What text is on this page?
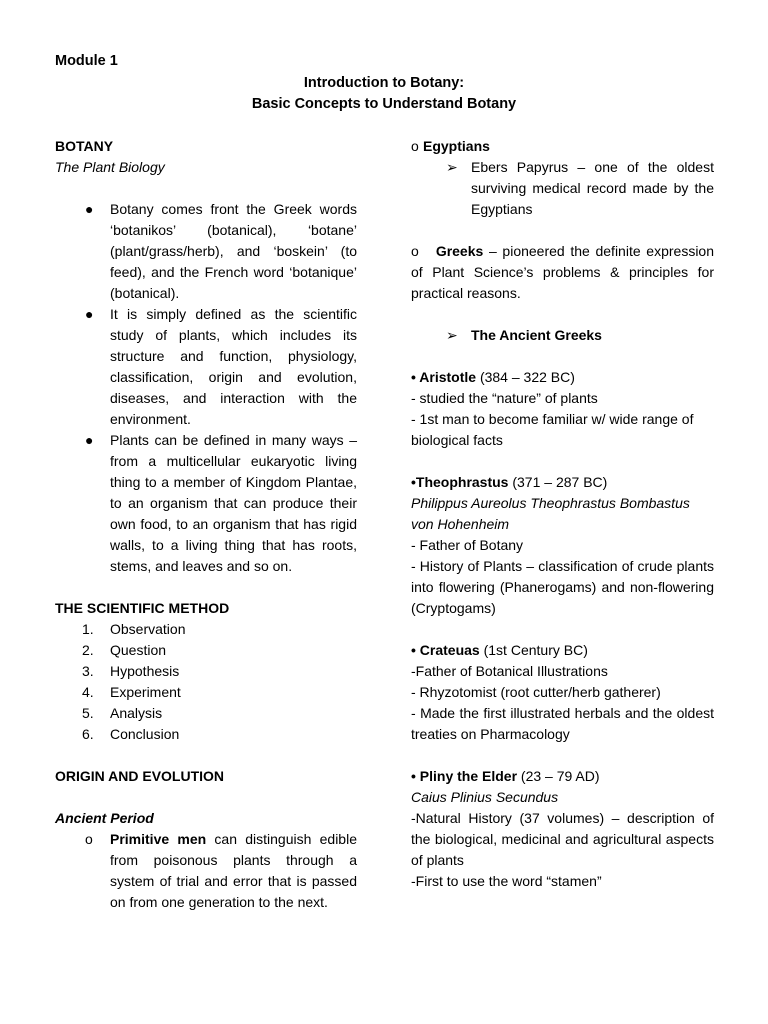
Module 1
Introduction to Botany:
Basic Concepts to Understand Botany
BOTANY
The Plant Biology
● Botany comes front the Greek words ‘botanikos’ (botanical), ‘botane’ (plant/grass/herb), and ‘boskein’ (to feed), and the French word ‘botanique’ (botanical).
● It is simply defined as the scientific study of plants, which includes its structure and function, physiology, classification, origin and evolution, diseases, and interaction with the environment.
● Plants can be defined in many ways – from a multicellular eukaryotic living thing to a member of Kingdom Plantae, to an organism that can produce their own food, to an organism that has rigid walls, to a living thing that has roots, stems, and leaves and so on.
THE SCIENTIFIC METHOD
1. Observation
2. Question
3. Hypothesis
4. Experiment
5. Analysis
6. Conclusion
ORIGIN AND EVOLUTION
Ancient Period
o Primitive men can distinguish edible from poisonous plants through a system of trial and error that is passed on from one generation to the next.
o Egyptians
➢ Ebers Papyrus – one of the oldest surviving medical record made by the Egyptians
o Greeks – pioneered the definite expression of Plant Science’s problems & principles for practical reasons.
➢ The Ancient Greeks
• Aristotle (384 – 322 BC)
- studied the “nature” of plants
- 1st man to become familiar w/ wide range of biological facts
•Theophrastus (371 – 287 BC)
Philippus Aureolus Theophrastus Bombastus von Hohenheim
- Father of Botany
- History of Plants – classification of crude plants into flowering (Phanerogams) and non-flowering (Cryptogams)
• Crateuas (1st Century BC)
-Father of Botanical Illustrations
- Rhyzotomist (root cutter/herb gatherer)
- Made the first illustrated herbals and the oldest treaties on Pharmacology
• Pliny the Elder (23 – 79 AD)
Caius Plinius Secundus
-Natural History (37 volumes) – description of the biological, medicinal and agricultural aspects of plants
-First to use the word “stamen”
